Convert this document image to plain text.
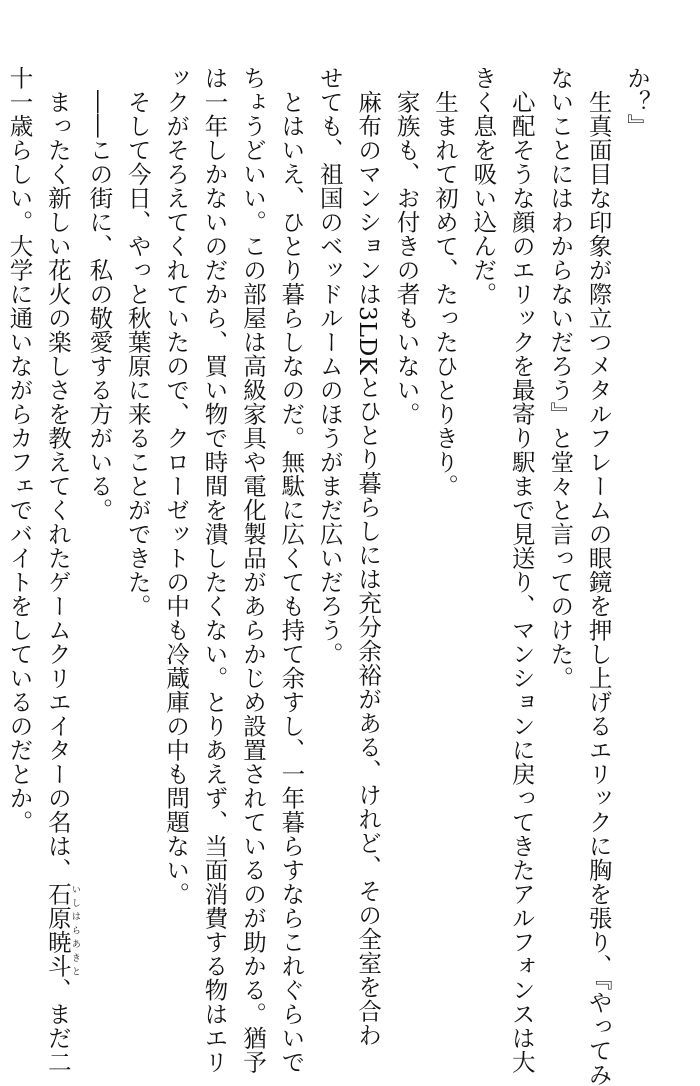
か？』
　生真面目な印象が際立つメタルフレームの眼鏡を押し上げるエリックに胸を張り、『やってみ
ないことにはわからないだろう』と堂々と言ってのけた。
　心配そうな顔のエリックを最寄り駅まで見送り、マンションに戻ってきたアルフォンスは大
きく息を吸い込んだ。
　生まれて初めて、たったひとりきり。
　家族も、お付きの者もいない。
　麻布のマンションは3LDKとひとり暮らしには充分余裕がある、けれど、その全室を合わ
せても、祖国のベッドルームのほうがまだ広いだろう。
　とはいえ、ひとり暮らしなのだ。無駄に広くても持て余すし、一年暮らすならこれぐらいで
ちょうどいい。この部屋は高級家具や電化製品があらかじめ設置されているのが助かる。猶予
は一年しかないのだから、買い物で時間を潰したくない。とりあえず、当面消費する物はエリ
ックがそろえてくれていたので、クローゼットの中も冷蔵庫の中も問題ない。
　そして今日、やっと秋葉原に来ることができた。
　――この街に、私の敬愛する方がいる。
　まったく新しい花火の楽しさを教えてくれたゲームクリエイターの名は、石原暁斗いしはらあきと、まだ二
十一歳らしい。大学に通いながらカフェでバイトをしているのだとか。
